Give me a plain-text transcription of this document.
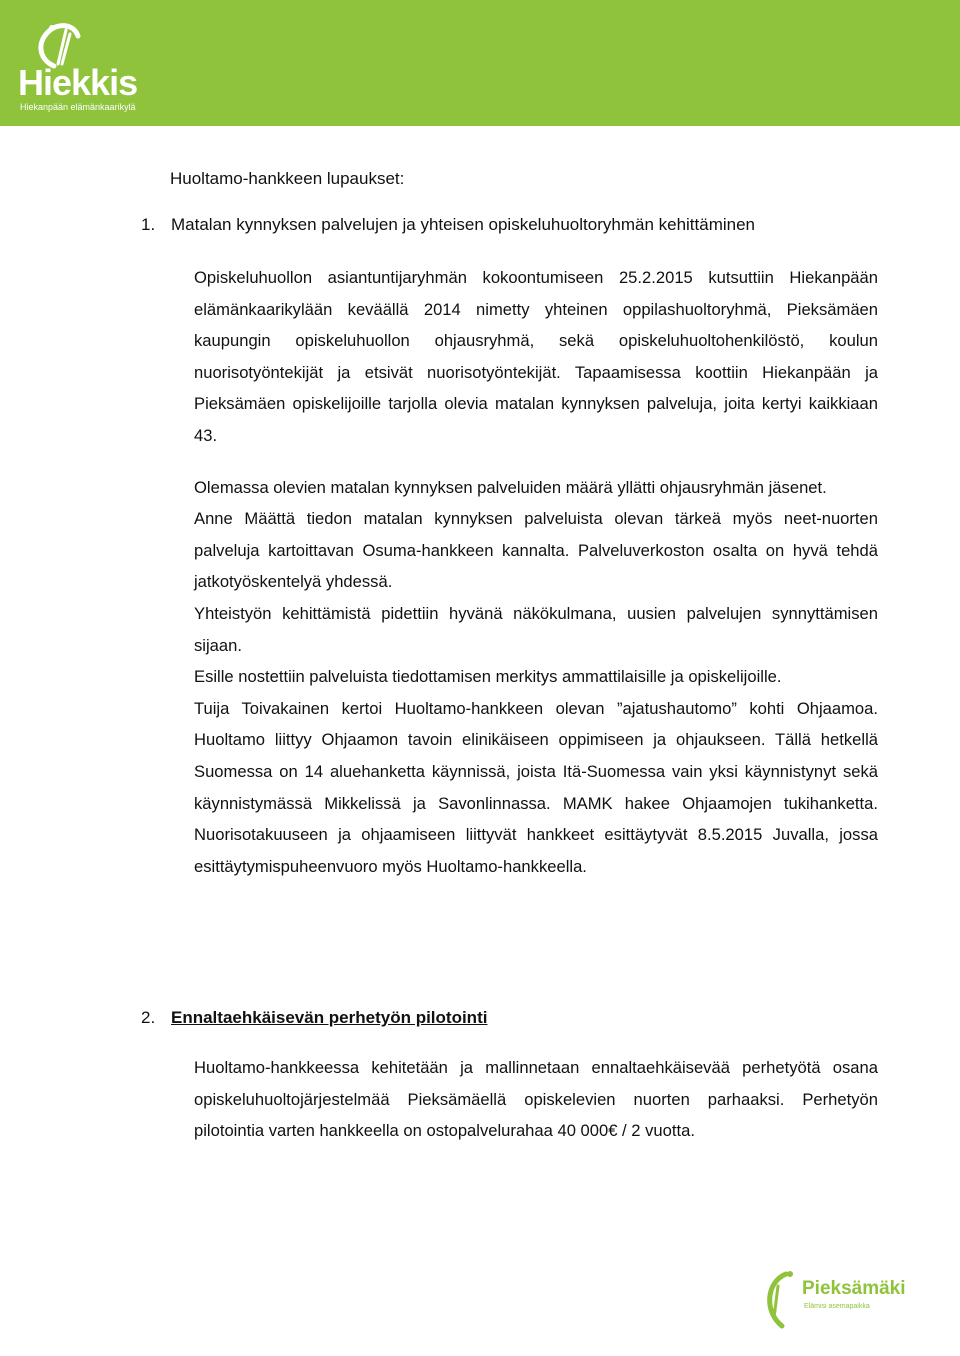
Hiekkis
Hiekanpään elämänkaarikylä

Huoltamo-hankkeen lupaukset:

1. Matalan kynnyksen palvelujen ja yhteisen opiskeluhuoltoryhmän kehittäminen

Opiskeluhuollon asiantuntijaryhmän kokoontumiseen 25.2.2015 kutsuttiin Hiekanpään elämänkaarikylään keväällä 2014 nimetty yhteinen oppilashuoltoryhmä, Pieksämäen kaupungin opiskeluhuollon ohjausryhmä, sekä opiskeluhuoltohenkilöstö, koulun nuorisotyöntekijät ja etsivät nuorisotyöntekijät. Tapaamisessa koottiin Hiekanpään ja Pieksämäen opiskelijoille tarjolla olevia matalan kynnyksen palveluja, joita kertyi kaikkiaan 43.

Olemassa olevien matalan kynnyksen palveluiden määrä yllätti ohjausryhmän jäsenet.

Anne Määttä tiedon matalan kynnyksen palveluista olevan tärkeä myös neet-nuorten palveluja kartoittavan Osuma-hankkeen kannalta. Palveluverkoston osalta on hyvä tehdä jatkotyöskentelyä yhdessä.

Yhteistyön kehittämistä pidettiin hyvänä näkökulmana, uusien palvelujen synnyttämisen sijaan.

Esille nostettiin palveluista tiedottamisen merkitys ammattilaisille ja opiskelijoille.

Tuija Toivakainen kertoi Huoltamo-hankkeen olevan ”ajatushautomo” kohti Ohjaamoa. Huoltamo liittyy Ohjaamon tavoin elinikäiseen oppimiseen ja ohjaukseen. Tällä hetkellä Suomessa on 14 aluehanketta käynnissä, joista Itä-Suomessa vain yksi käynnistynyt sekä käynnistymässä Mikkelissä ja Savonlinnassa. MAMK hakee Ohjaamojen tukihanketta. Nuorisotakuuseen ja ohjaamiseen liittyvät hankkeet esittäytyvät 8.5.2015 Juvalla, jossa esittäytymispuheenvuoro myös Huoltamo-hankkeella.

2. Ennaltaehkäisevän perhetyön pilotointi

Huoltamo-hankkeessa kehitetään ja mallinnetaan ennaltaehkäisevää perhetyötä osana opiskeluhuoltojärjestelmää Pieksämäellä opiskelevien nuorten parhaaksi. Perhetyön pilotointia varten hankkeella on ostopalvelurahaa 40 000€ / 2 vuotta.

Pieksämäki
Elämisi asemapaikka
